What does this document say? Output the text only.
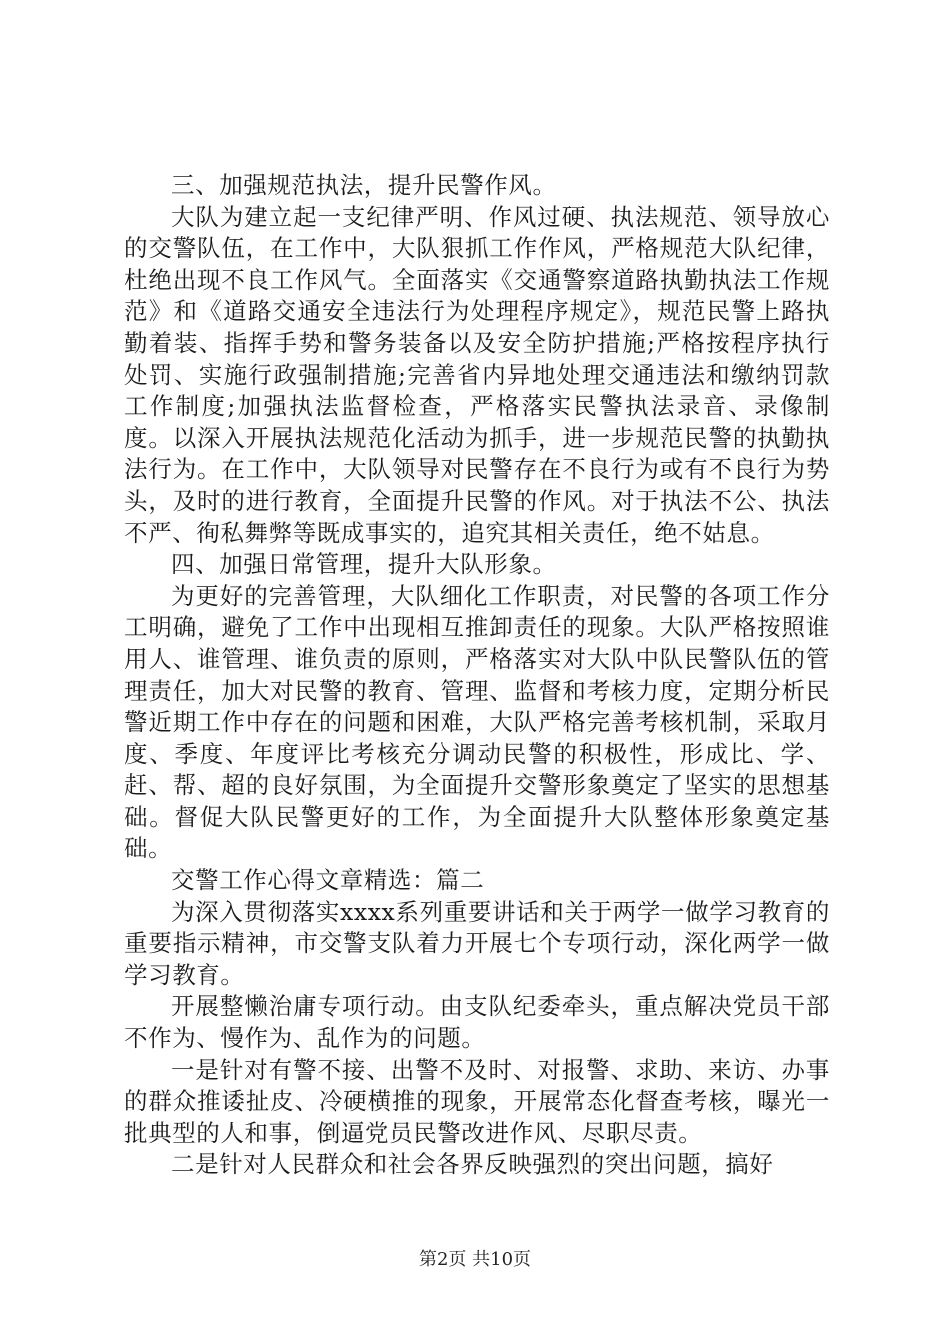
三、加强规范执法，提升民警作风。

大队为建立起一支纪律严明、作风过硬、执法规范、领导放心的交警队伍，在工作中，大队狠抓工作作风，严格规范大队纪律，杜绝出现不良工作风气。全面落实《交通警察道路执勤执法工作规范》和《道路交通安全违法行为处理程序规定》，规范民警上路执勤着装、指挥手势和警务装备以及安全防护措施;严格按程序执行处罚、实施行政强制措施;完善省内异地处理交通违法和缴纳罚款工作制度;加强执法监督检查，严格落实民警执法录音、录像制度。以深入开展执法规范化活动为抓手，进一步规范民警的执勤执法行为。在工作中，大队领导对民警存在不良行为或有不良行为势头，及时的进行教育，全面提升民警的作风。对于执法不公、执法不严、徇私舞弊等既成事实的，追究其相关责任，绝不姑息。

四、加强日常管理，提升大队形象。

为更好的完善管理，大队细化工作职责，对民警的各项工作分工明确，避免了工作中出现相互推卸责任的现象。大队严格按照谁用人、谁管理、谁负责的原则，严格落实对大队中队民警队伍的管理责任，加大对民警的教育、管理、监督和考核力度，定期分析民警近期工作中存在的问题和困难，大队严格完善考核机制，采取月度、季度、年度评比考核充分调动民警的积极性，形成比、学、赶、帮、超的良好氛围，为全面提升交警形象奠定了坚实的思想基础。督促大队民警更好的工作，为全面提升大队整体形象奠定基础。

交警工作心得文章精选：篇二

为深入贯彻落实xxxx系列重要讲话和关于两学一做学习教育的重要指示精神，市交警支队着力开展七个专项行动，深化两学一做学习教育。

开展整懒治庸专项行动。由支队纪委牵头，重点解决党员干部不作为、慢作为、乱作为的问题。

一是针对有警不接、出警不及时、对报警、求助、来访、办事的群众推诿扯皮、冷硬横推的现象，开展常态化督查考核，曝光一批典型的人和事，倒逼党员民警改进作风、尽职尽责。

二是针对人民群众和社会各界反映强烈的突出问题，搞好

第2页 共10页
